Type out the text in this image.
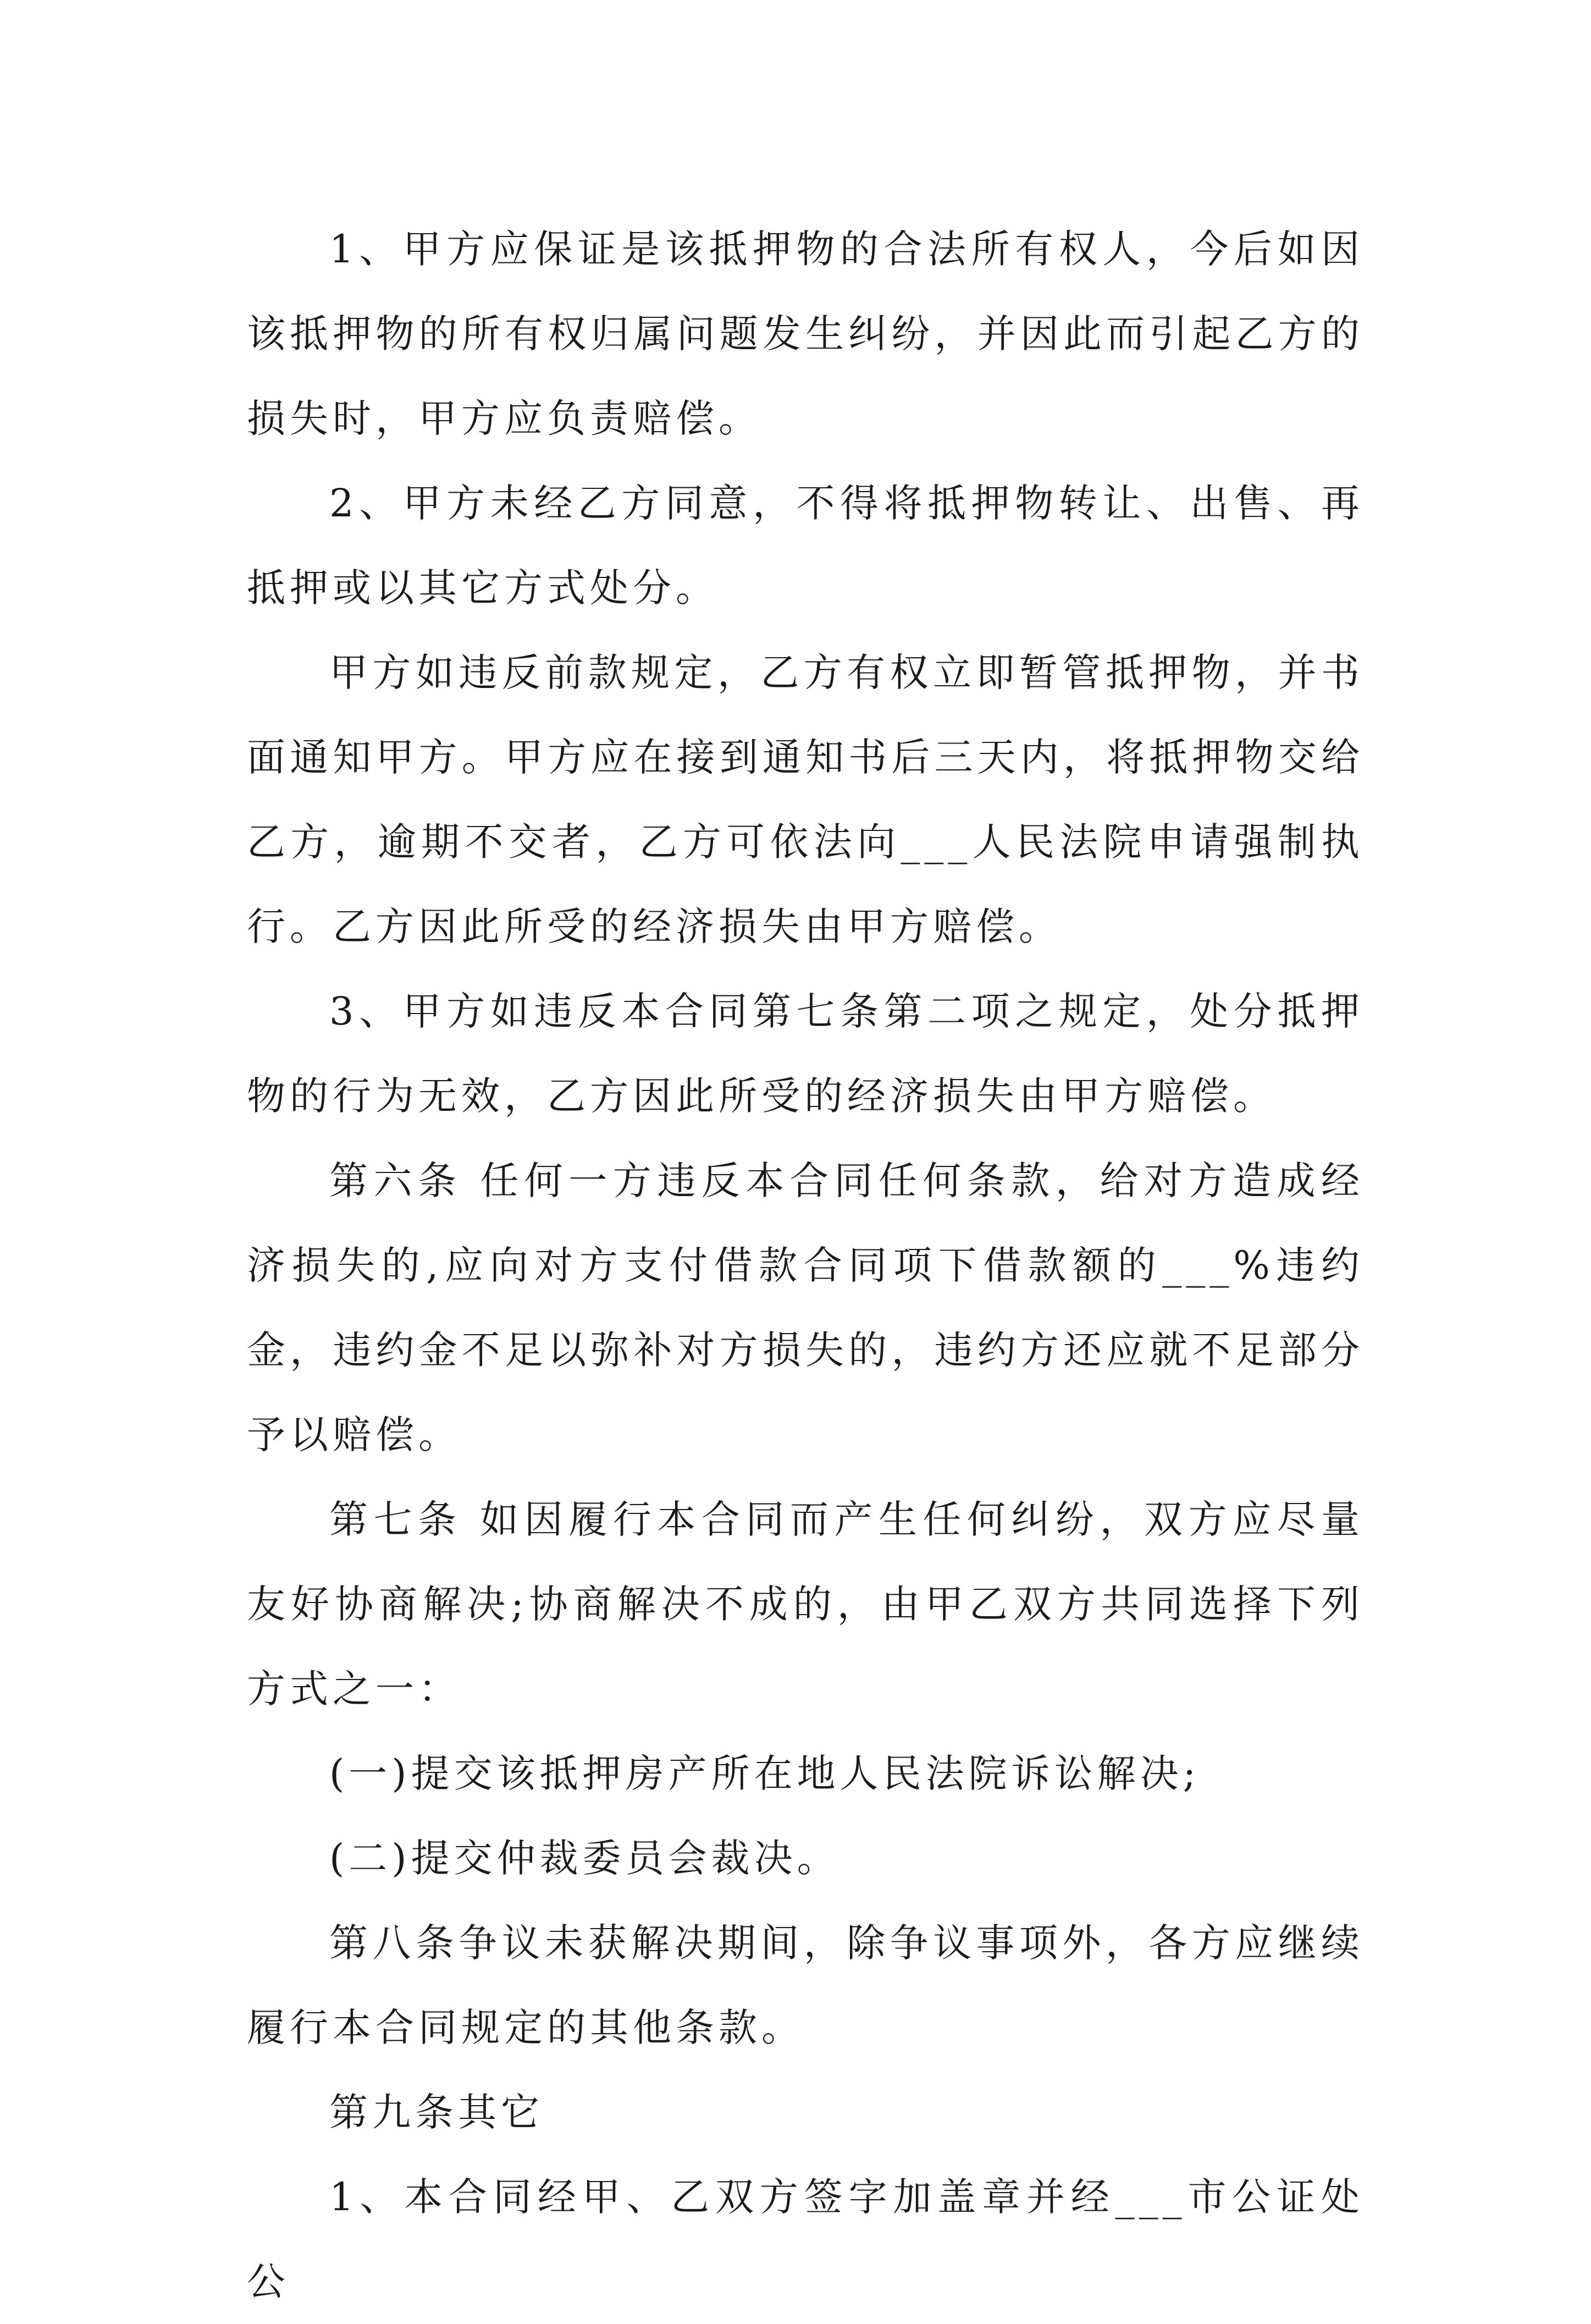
1、甲方应保证是该抵押物的合法所有权人，今后如因该抵押物的所有权归属问题发生纠纷，并因此而引起乙方的损失时，甲方应负责赔偿。

2、甲方未经乙方同意，不得将抵押物转让、出售、再抵押或以其它方式处分。

甲方如违反前款规定，乙方有权立即暂管抵押物，并书面通知甲方。甲方应在接到通知书后三天内，将抵押物交给乙方，逾期不交者，乙方可依法向___人民法院申请强制执行。乙方因此所受的经济损失由甲方赔偿。

3、甲方如违反本合同第七条第二项之规定，处分抵押物的行为无效，乙方因此所受的经济损失由甲方赔偿。

第六条 任何一方违反本合同任何条款，给对方造成经济损失的,应向对方支付借款合同项下借款额的___%违约金，违约金不足以弥补对方损失的，违约方还应就不足部分予以赔偿。

第七条 如因履行本合同而产生任何纠纷，双方应尽量友好协商解决;协商解决不成的，由甲乙双方共同选择下列方式之一：

(一)提交该抵押房产所在地人民法院诉讼解决;

(二)提交仲裁委员会裁决。

第八条争议未获解决期间，除争议事项外，各方应继续履行本合同规定的其他条款。

第九条其它

1、本合同经甲、乙双方签字加盖章并经___市公证处公
